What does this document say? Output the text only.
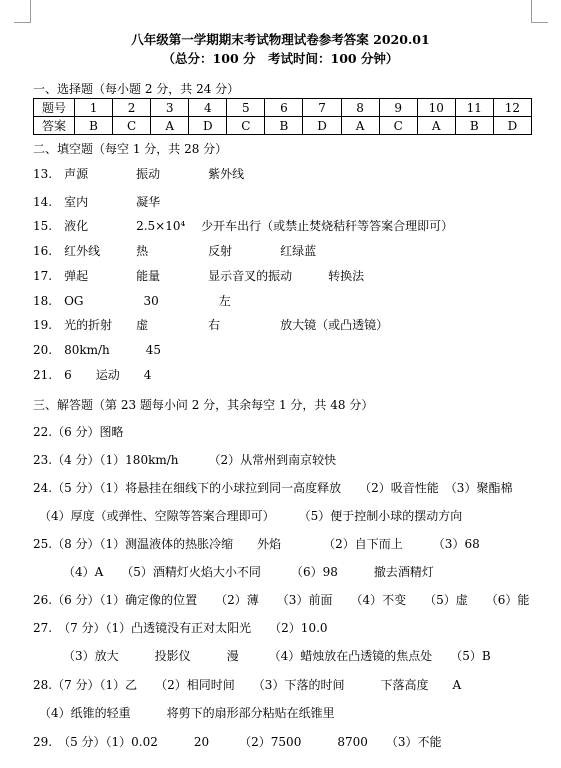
八年级第一学期期末考试物理试卷参考答案 2020.01
（总分：100 分　考试时间：100 分钟）
一、选择题（每小题 2 分，共 24 分）
题号	1	2	3	4	5	6	7	8	9	10	11	12
答案	B	C	A	D	C	B	D	A	C	A	B	D
二、填空题（每空 1 分，共 28 分）
13.　声源　　　　振动　　　　紫外线
14.　室内　　　　凝华
15.　液化　　　　2.5×10⁴　 少开车出行（或禁止焚烧秸秆等答案合理即可）
16.　红外线　　　热　　　　　反射　　　　红绿蓝
17.　弹起　　　　能量　　　　显示音叉的振动　　　转换法
18.　OG　　　　　30　　　　　左
19.　光的折射　　虚　　　　　右　　　　　放大镜（或凸透镜）
20.　80km/h　　　45
21.　6　　运动　　4
三、解答题（第 23 题每小问 2 分，其余每空 1 分，共 48 分）
22.（6 分）图略
23.（4 分）（1）180km/h　　　（2）从常州到南京较快
24.（5 分）（1）将悬挂在细线下的小球拉到同一高度释放　　（2）吸音性能　（3）聚酯棉
　（4）厚度（或弹性、空隙等答案合理即可）　　　（5）便于控制小球的摆动方向
25.（8 分）（1）测温液体的热胀冷缩　　外焰　　　　（2）自下而上　　　（3）68
　　　（4）A　　（5）酒精灯火焰大小不同　　　（6）98　　　撤去酒精灯
26.（6 分）（1）确定像的位置　　（2）薄　　（3）前面　　（4）不变　　（5）虚　　（6）能
27.　（7 分）（1）凸透镜没有正对太阳光　　（2）10.0
　　　（3）放大　　　投影仪　　　漫　　　（4）蜡烛放在凸透镜的焦点处　　（5）B
28.（7 分）（1）乙　　（2）相同时间　　（3）下落的时间　　　下落高度　　A
　（4）纸锥的轻重　　　将剪下的扇形部分粘贴在纸锥里
29.　（5 分）（1）0.02　　　20　　　（2）7500　　　8700　　（3）不能
